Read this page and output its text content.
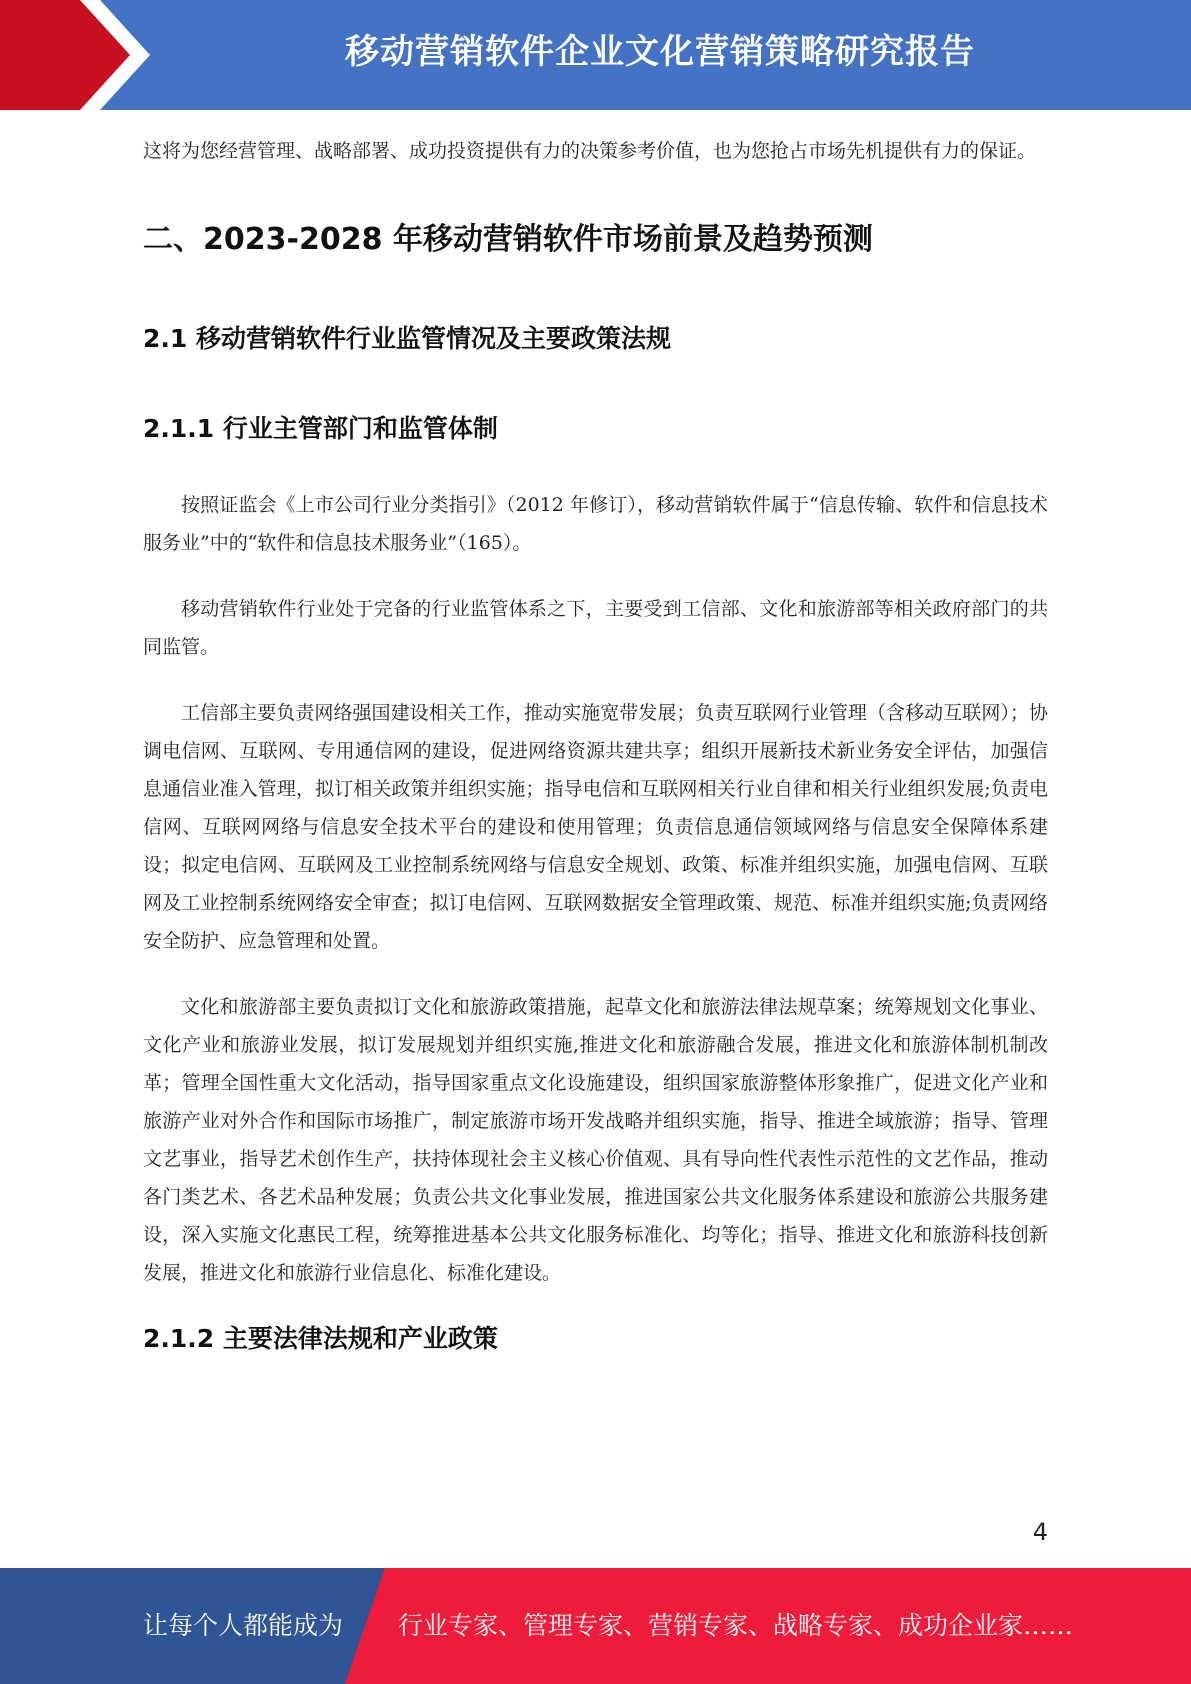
移动营销软件企业文化营销策略研究报告

这将为您经营管理、战略部署、成功投资提供有力的决策参考价值，也为您抢占市场先机提供有力的保证。

二、2023-2028 年移动营销软件市场前景及趋势预测
2.1 移动营销软件行业监管情况及主要政策法规
2.1.1 行业主管部门和监管体制

按照证监会《上市公司行业分类指引》（2012 年修订），移动营销软件属于“信息传输、软件和信息技术服务业”中的“软件和信息技术服务业”（165）。

移动营销软件行业处于完备的行业监管体系之下，主要受到工信部、文化和旅游部等相关政府部门的共同监管。

工信部主要负责网络强国建设相关工作，推动实施宽带发展；负责互联网行业管理（含移动互联网）；协调电信网、互联网、专用通信网的建设，促进网络资源共建共享；组织开展新技术新业务安全评估，加强信息通信业准入管理，拟订相关政策并组织实施；指导电信和互联网相关行业自律和相关行业组织发展;负责电信网、互联网网络与信息安全技术平台的建设和使用管理；负责信息通信领域网络与信息安全保障体系建设；拟定电信网、互联网及工业控制系统网络与信息安全规划、政策、标准并组织实施，加强电信网、互联网及工业控制系统网络安全审查；拟订电信网、互联网数据安全管理政策、规范、标准并组织实施;负责网络安全防护、应急管理和处置。

文化和旅游部主要负责拟订文化和旅游政策措施，起草文化和旅游法律法规草案；统筹规划文化事业、文化产业和旅游业发展，拟订发展规划并组织实施,推进文化和旅游融合发展，推进文化和旅游体制机制改革；管理全国性重大文化活动，指导国家重点文化设施建设，组织国家旅游整体形象推广，促进文化产业和旅游产业对外合作和国际市场推广，制定旅游市场开发战略并组织实施，指导、推进全域旅游；指导、管理文艺事业，指导艺术创作生产，扶持体现社会主义核心价值观、具有导向性代表性示范性的文艺作品，推动各门类艺术、各艺术品种发展；负责公共文化事业发展，推进国家公共文化服务体系建设和旅游公共服务建设，深入实施文化惠民工程，统筹推进基本公共文化服务标准化、均等化；指导、推进文化和旅游科技创新发展，推进文化和旅游行业信息化、标准化建设。

2.1.2 主要法律法规和产业政策
4
让每个人都能成为 行业专家、管理专家、营销专家、战略专家、成功企业家……
